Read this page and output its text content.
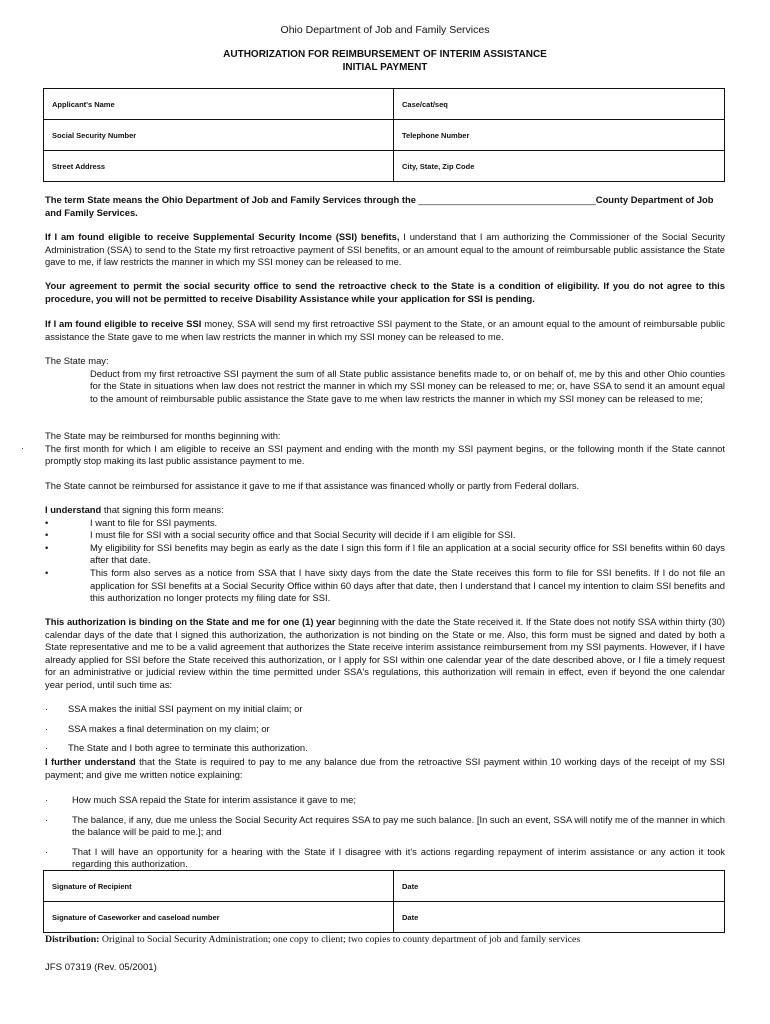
Ohio Department of Job and Family Services
AUTHORIZATION FOR REIMBURSEMENT OF INTERIM ASSISTANCE
INITIAL PAYMENT
Applicant's Name	Case/cat/seq
Social Security Number	Telephone Number
Street Address	City, State, Zip Code
The term State means the Ohio Department of Job and Family Services through the __________________________________County Department of Job and Family Services.
If I am found eligible to receive Supplemental Security Income (SSI) benefits, I understand that I am authorizing the Commissioner of the Social Security Administration (SSA) to send to the State my first retroactive payment of SSI benefits, or an amount equal to the amount of reimbursable public assistance the State gave to me, if law restricts the manner in which my SSI money can be released to me.
Your agreement to permit the social security office to send the retroactive check to the State is a condition of eligibility. If you do not agree to this procedure, you will not be permitted to receive Disability Assistance while your application for SSI is pending.
If I am found eligible to receive SSI money, SSA will send my first retroactive SSI payment to the State, or an amount equal to the amount of reimbursable public assistance the State gave to me when law restricts the manner in which my SSI money can be released to me.
The State may:
Deduct from my first retroactive SSI payment the sum of all State public assistance benefits made to, or on behalf of, me by this and other Ohio counties for the State in situations when law does not restrict the manner in which my SSI money can be released to me; or, have SSA to send it an amount equal to the amount of reimbursable public assistance the State gave to me when law restricts the manner in which my SSI money can be released to me;
·
The State may be reimbursed for months beginning with:
The first month for which I am eligible to receive an SSI payment and ending with the month my SSI payment begins, or the following month if the State cannot promptly stop making its last public assistance payment to me.
The State cannot be reimbursed for assistance it gave to me if that assistance was financed wholly or partly from Federal dollars.
I understand that signing this form means:
•	I want to file for SSI payments.
•	I must file for SSI with a social security office and that Social Security will decide if I am eligible for SSI.
•	My eligibility for SSI benefits may begin as early as the date I sign this form if I file an application at a social security office for SSI benefits within 60 days after that date.
•	This form also serves as a notice from SSA that I have sixty days from the date the State receives this form to file for SSI benefits. If I do not file an application for SSI benefits at a Social Security Office within 60 days after that date, then I understand that I cancel my intention to claim SSI benefits and this authorization no longer protects my filing date for SSI.
This authorization is binding on the State and me for one (1) year beginning with the date the State received it. If the State does not notify SSA within thirty (30) calendar days of the date that I signed this authorization, the authorization is not binding on the State or me. Also, this form must be signed and dated by both a State representative and me to be a valid agreement that authorizes the State receive interim assistance reimbursement from my SSI payments. However, if I have already applied for SSI before the State received this authorization, or I apply for SSI within one calendar year of the date described above, or I file a timely request for an administrative or judicial review within the time permitted under SSA's regulations, this authorization will remain in effect, even if beyond the one calendar year period, until such time as:
· SSA makes the initial SSI payment on my initial claim; or
· SSA makes a final determination on my claim; or
· The State and I both agree to terminate this authorization.
I further understand that the State is required to pay to me any balance due from the retroactive SSI payment within 10 working days of the receipt of my SSI payment; and give me written notice explaining:
·	How much SSA repaid the State for interim assistance it gave to me;
·	The balance, if any, due me unless the Social Security Act requires SSA to pay me such balance. [In such an event, SSA will notify me of the manner in which the balance will be paid to me.]; and
·	That I will have an opportunity for a hearing with the State if I disagree with it's actions regarding repayment of interim assistance or any action it took regarding this authorization.
Signature of Recipient	Date
Signature of Caseworker and caseload number	Date
Distribution: Original to Social Security Administration; one copy to client; two copies to county department of job and family services
JFS 07319 (Rev. 05/2001)
